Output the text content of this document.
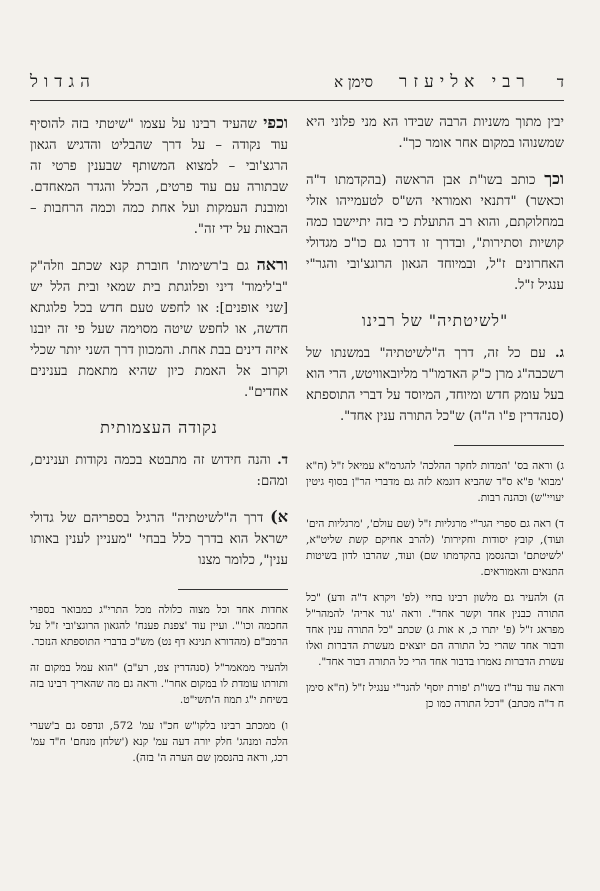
ד
רבי אליעזר
סימן א
הגדול

יבין מתוך משניות הרבה שבידו הא מני פלוני היא שמשנוהו במקום אחר אומר כך".

וכך כותב בשו"ת אבן הראשה (בהקדמתו ד"ה וכאשר) "דתנאי ואמוראי הש"ס לטעמייהו אזלי במחלוקתם, והוא רב התועלת כי בזה יתיישבו כמה קושיות וסתירות", ובדרך זו דרכו גם כו"כ מגדולי האחרונים ז"ל, ובמיוחד הגאון הרוגצ'ובי והגר"י ענגיל ז"ל.

"לשיטתיה" של רבינו

ג. עם כל זה, דרך ה"לשיטתיה" במשנתו של רשכבה"ג מרן כ"ק האדמו"ר מליובאוויטש, הרי הוא בעל עומק חדש ומיוחד, המיוסד על דברי התוספתא (סנהדרין פ"ו ה"ה) ש"כל התורה ענין אחד".

ג) וראה בס' 'המדות לחקר ההלכה' להגרמ"א עמיאל ז"ל (ח"א 'מבוא' פ"א ס"ד שהביא דוגמא לזה גם מדברי הר"ן בסוף גיטין יעויי"ש) וכהנה רבות.

ד) ראה גם ספרי הגר"י מרגליות ז"ל (שם עולם', 'מרגליות הים' ועוד), קובץ יסודות וחקירות' (להרב אחיקם קשת שליט"א, 'לשיטתם' ובהנסמן בהקדמתו שם) ועוד, שהרבו לדון בשיטות התנאים והאמוראים.

ה) ולהעיר גם מלשון רבינו בחיי (לפ' ויקרא ד"ה ודע) "כל התורה כבנין אחד וקשר אחד". וראה 'גור אריה' להמהר"ל מפראג ז"ל (פ' יתרו כ, א אות ג) שכתב "כל התורה ענין אחד ודבור אחד שהרי כל התורה הם יוצאים מעשרת הדברות ואלו עשרת הדברות נאמרו בדבור אחד הרי כל התורה דבור אחד".

וראה עוד עד"ז בשו"ת 'פורת יוסף' להגר"י ענגיל ז"ל (ח"א סימן ח ד"ה מכתב) "דכל התורה כמו כן

וכפי שהעיד רבינו על עצמו "שיטתי בזה להוסיף עוד נקודה – על דרך שהבליט והדגיש הגאון הרגצ'ובי – למצוא המשותף שבענין פרטי זה שבתורה עם עוד פרטים, הכלל והגדר המאחדם. ומובנת העמקות ועל אחת כמה וכמה הרחבות – הבאות על ידי זה".

וראה גם ב'רשימות' חוברת קנא שכתב וזלה"ק "ב'לימוד' דיני ופלוגתת בית שמאי ובית הלל יש [שני אופנים]: או לחפש טעם חדש בכל פלוגתא חדשה, או לחפש שיטה מסוימה שעל פי זה יובנו איזה דינים בבת אחת. והמכוון דרך השני יותר שכלי וקרוב אל האמת כיון שהיא מתאמת בענינים אחדים".

נקודה העצמותית

ד. והנה חידוש זה מתבטא בכמה נקודות וענינים, ומהם:

א) דרך ה"לשיטתיה" הרגיל בספריהם של גדולי ישראל הוא בדרך כלל בבחי' "מעניין לענין באותו ענין", כלומר מצנו

אחדות אחד וכל מצוה כלולה מכל התרי"ג כמבואר בספרי החכמה וכו'". ועיין עוד 'צפנת פענח' להגאון הרוגצ'ובי ז"ל על הרמב"ם (מהדורא תנינא דף נט) מש"כ בדברי התוספתא הנזכר.

ולהעיר ממאמר"ל (סנהדרין צט, רע"ב) "הוא עמל במקום זה ותורתו עומדת לו במקום אחר". וראה גם מה שהאריך רבינו בזה בשיחת י"ג תמוז ה'תשי"ט.

ו) ממכתב רבינו בלקו"ש חכ"ו עמ' 572, ונדפס גם ב'שערי הלכה ומנהג' חלק יורה דעה עמ' קנא ('שלחן מנחם' ח"ד עמ' רכג, וראה בהנסמן שם הערה ה' בזה).
